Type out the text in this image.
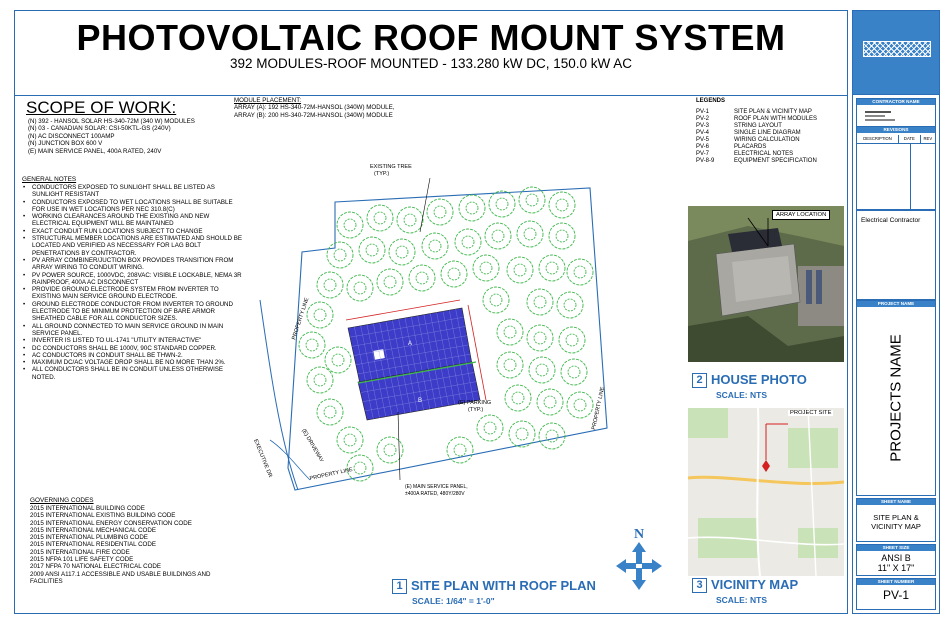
PHOTOVOLTAIC ROOF MOUNT SYSTEM
392 MODULES-ROOF MOUNTED - 133.280 kW DC, 150.0 kW AC
SCOPE OF WORK:
(N) 392 - HANSOL SOLAR HS-340-72M (340 W) MODULES
(N) 03 - CANADIAN SOLAR: CSI-50KTL-GS (240V)
(N) AC DISCONNECT 100AMP
(N) JUNCTION BOX 600 V
(E) MAIN SERVICE PANEL, 400A RATED, 240V
GENERAL NOTES
• CONDUCTORS EXPOSED TO SUNLIGHT SHALL BE LISTED AS SUNLIGHT RESISTANT
• CONDUCTORS EXPOSED TO WET LOCATIONS SHALL BE SUITABLE FOR USE IN WET LOCATIONS PER NEC 310.8(C)
• WORKING CLEARANCES AROUND THE EXISTING AND NEW ELECTRICAL EQUIPMENT WILL BE MAINTAINED
• EXACT CONDUIT RUN LOCATIONS SUBJECT TO CHANGE
• STRUCTURAL MEMBER LOCATIONS ARE ESTIMATED AND SHOULD BE LOCATED AND VERIFIED AS NECESSARY FOR LAG BOLT PENETRATIONS BY CONTRACTOR.
• PV ARRAY COMBINER/JUCTION BOX PROVIDES TRANSITION FROM ARRAY WIRING TO CONDUIT WIRING.
• PV POWER SOURCE, 1000VDC, 208VAC: VISIBLE LOCKABLE, NEMA 3R RAINPROOF, 400A AC DISCONNECT
• PROVIDE GROUND ELECTRODE SYSTEM FROM INVERTER TO EXISTING MAIN SERVICE GROUND ELECTRODE.
• GROUND ELECTRODE CONDUCTOR FROM INVERTER TO GROUND ELECTRODE TO BE MINIMUM PROTECTION OF BARE ARMOR SHEATHED CABLE FOR ALL CONDUCTOR SIZES.
• ALL GROUND CONNECTED TO MAIN SERVICE GROUND IN MAIN SERVICE PANEL.
• INVERTER IS LISTED TO UL-1741 "UTILITY INTERACTIVE"
• DC CONDUCTORS SHALL BE 1000V, 90C STANDARD COPPER.
• AC CONDUCTORS IN CONDUIT SHALL BE THWN-2.
• MAXIMUM DC/AC VOLTAGE DROP SHALL BE NO MORE THAN 2%.
• ALL CONDUCTORS SHALL BE IN CONDUIT UNLESS OTHERWISE NOTED.
GOVERNING CODES
2015 INTERNATIONAL BUILDING CODE
2015 INTERNATIONAL EXISTING BUILDING CODE
2015 INTERNATIONAL ENERGY CONSERVATION CODE
2015 INTERNATIONAL MECHANICAL CODE
2015 INTERNATIONAL PLUMBING CODE
2015 INTERNATIONAL RESIDENTIAL CODE
2015 INTERNATIONAL FIRE CODE
2015 NFPA 101 LIFE SAFETY CODE
2017 NFPA 70 NATIONAL ELECTRICAL CODE
2009 ANSI A117.1 ACCESSIBLE AND USABLE BUILDINGS AND FACILITIES
MODULE PLACEMENT:
ARRAY (A): 192 HS-340-72M-HANSOL (340W) MODULE,
ARRAY (B): 200 HS-340-72M-HANSOL (340W) MODULE
LEGENDS
PV-1	SITE PLAN & VICINITY MAP
PV-2	ROOF PLAN WITH MODULES
PV-3	STRING LAYOUT
PV-4	SINGLE LINE DIAGRAM
PV-5	WIRING CALCULATION
PV-6	PLACARDS
PV-7	ELECTRICAL NOTES
PV-8-9	EQUIPMENT SPECIFICATION
A
B
EXISTING TREE
(TYP.)
PROPERTY LINE
PROPERTY LINE
PROPERTY LINE
(E) PARKING
(TYP.)
(E) DRIVEWAY
EXECUTIVE DR
(E) MAIN SERVICE PANEL,
±400A RATED, 480Y/280V
N
1 SITE PLAN WITH ROOF PLAN
SCALE: 1/64" = 1'-0"
ARRAY LOCATION
2 HOUSE PHOTO
SCALE: NTS
PROJECT SITE
3 VICINITY MAP
SCALE: NTS
CONTRACTOR NAME
REVISIONS
DESCRIPTION	DATE	REV
Electrical Contractor
PROJECT NAME
PROJECTS NAME
SHEET NAME
SITE PLAN &
VICINITY MAP
SHEET SIZE
ANSI B
11" X 17"
SHEET NUMBER
PV-1
